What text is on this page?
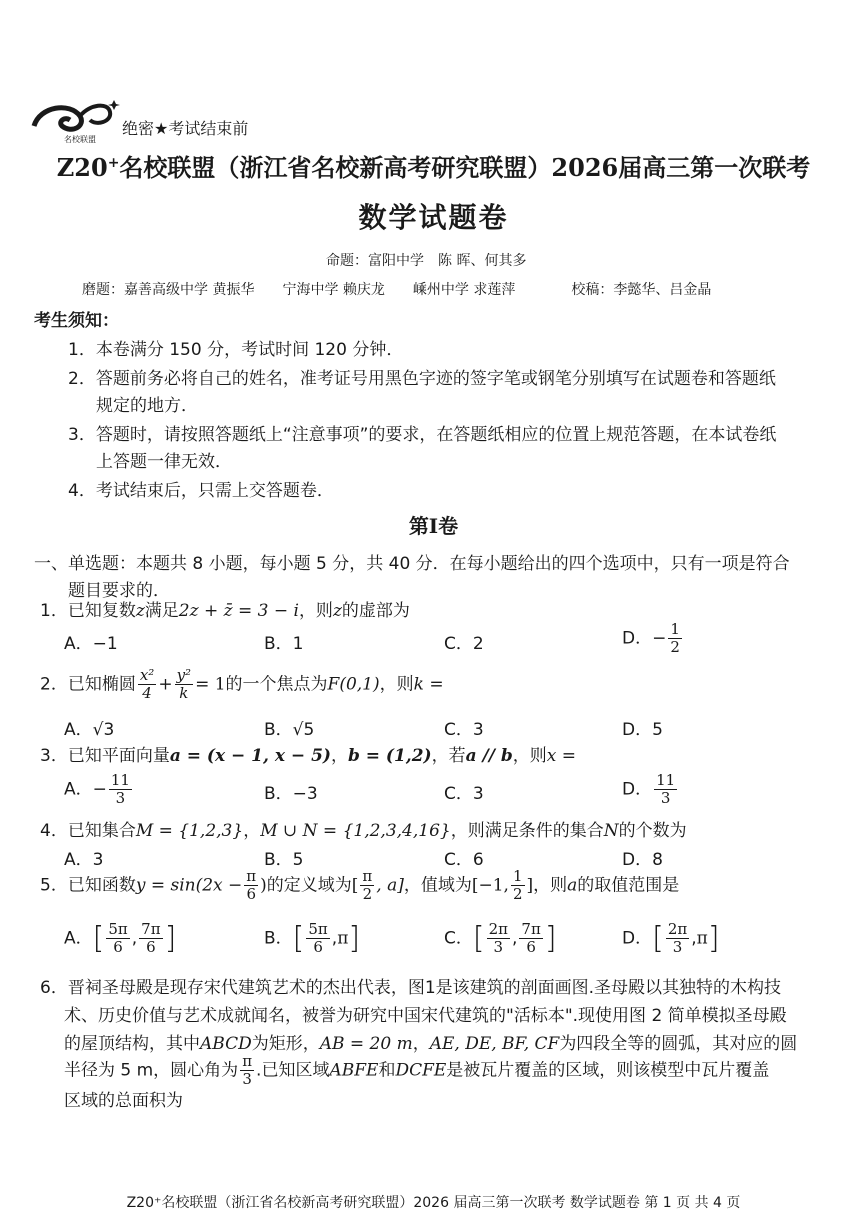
名校联盟
绝密★考试结束前
Z20+名校联盟（浙江省名校新高考研究联盟）2026届高三第一次联考
数学试题卷
命题：富阳中学　陈 晖、何其多
磨题：嘉善高级中学 黄振华　　宁海中学 赖庆龙　　嵊州中学 求莲萍　　　　校稿：李懿华、吕金晶
考生须知：
1．本卷满分 150 分，考试时间 120 分钟．
2．答题前务必将自己的姓名，准考证号用黑色字迹的签字笔或钢笔分别填写在试题卷和答题纸
规定的地方．
3．答题时，请按照答题纸上“注意事项”的要求，在答题纸相应的位置上规范答题，在本试卷纸
上答题一律无效．
4．考试结束后，只需上交答题卷．
第Ⅰ卷
一、单选题：本题共 8 小题，每小题 5 分，共 40 分．在每小题给出的四个选项中，只有一项是符合
题目要求的．
1．已知复数z满足2z + z̄ = 3 − i，则z的虚部为
A．−1	B．1	C．2	D．− $\frac{1}{2}$
2．已知椭圆 $\frac{\text{x²}}{4} + \frac{\text{y²}}{k} = 1$的一个焦点为F(0,1)，则k =
A．√3	B．√5	C．3	D．5
3．已知平面向量a = (x − 1, x − 5)，b = (1,2)，若a // b，则x =
A．− $\frac{11}{3}$	B．−3	C．3	D． $\frac{11}{3}$
4．已知集合M = {1,2,3}，M ∪ N = {1,2,3,4,16}，则满足条件的集合N的个数为
A．3	B．5	C．6	D．8
5．已知函数$y = \sin(2x - \frac{\pi}{6}$ )的定义域为[ $\frac{\pi}{2}$ , a]，值域为[−1, $\frac{1}{2}$ ]，则a的取值范围是
A．[ $\frac{5\pi}{6}$ , $\frac{7\pi}{6}$ ]	B．[ $\frac{5\pi}{6} ,\pi$]	C．[ $\frac{2\pi}{3}$ , $\frac{7\pi}{6}$ ]	D．[ $\frac{2\pi}{3} ,\pi$]
6．晋祠圣母殿是现存宋代建筑艺术的杰出代表，图1是该建筑的剖面画图.圣母殿以其独特的木构技
术、历史价值与艺术成就闻名，被誉为研究中国宋代建筑的"活标本".现使用图 2 简单模拟圣母殿
的屋顶结构，其中ABCD为矩形，AB = 20 m，AE, DE, BF, CF为四段全等的圆弧，其对应的圆
半径为 5 m，圆心角为 $\frac{\pi}{3}$ .已知区域ABFE和DCFE是被瓦片覆盖的区域，则该模型中瓦片覆盖
区域的总面积为
Z20⁺名校联盟（浙江省名校新高考研究联盟）2026 届高三第一次联考 数学试题卷 第 1 页 共 4 页
